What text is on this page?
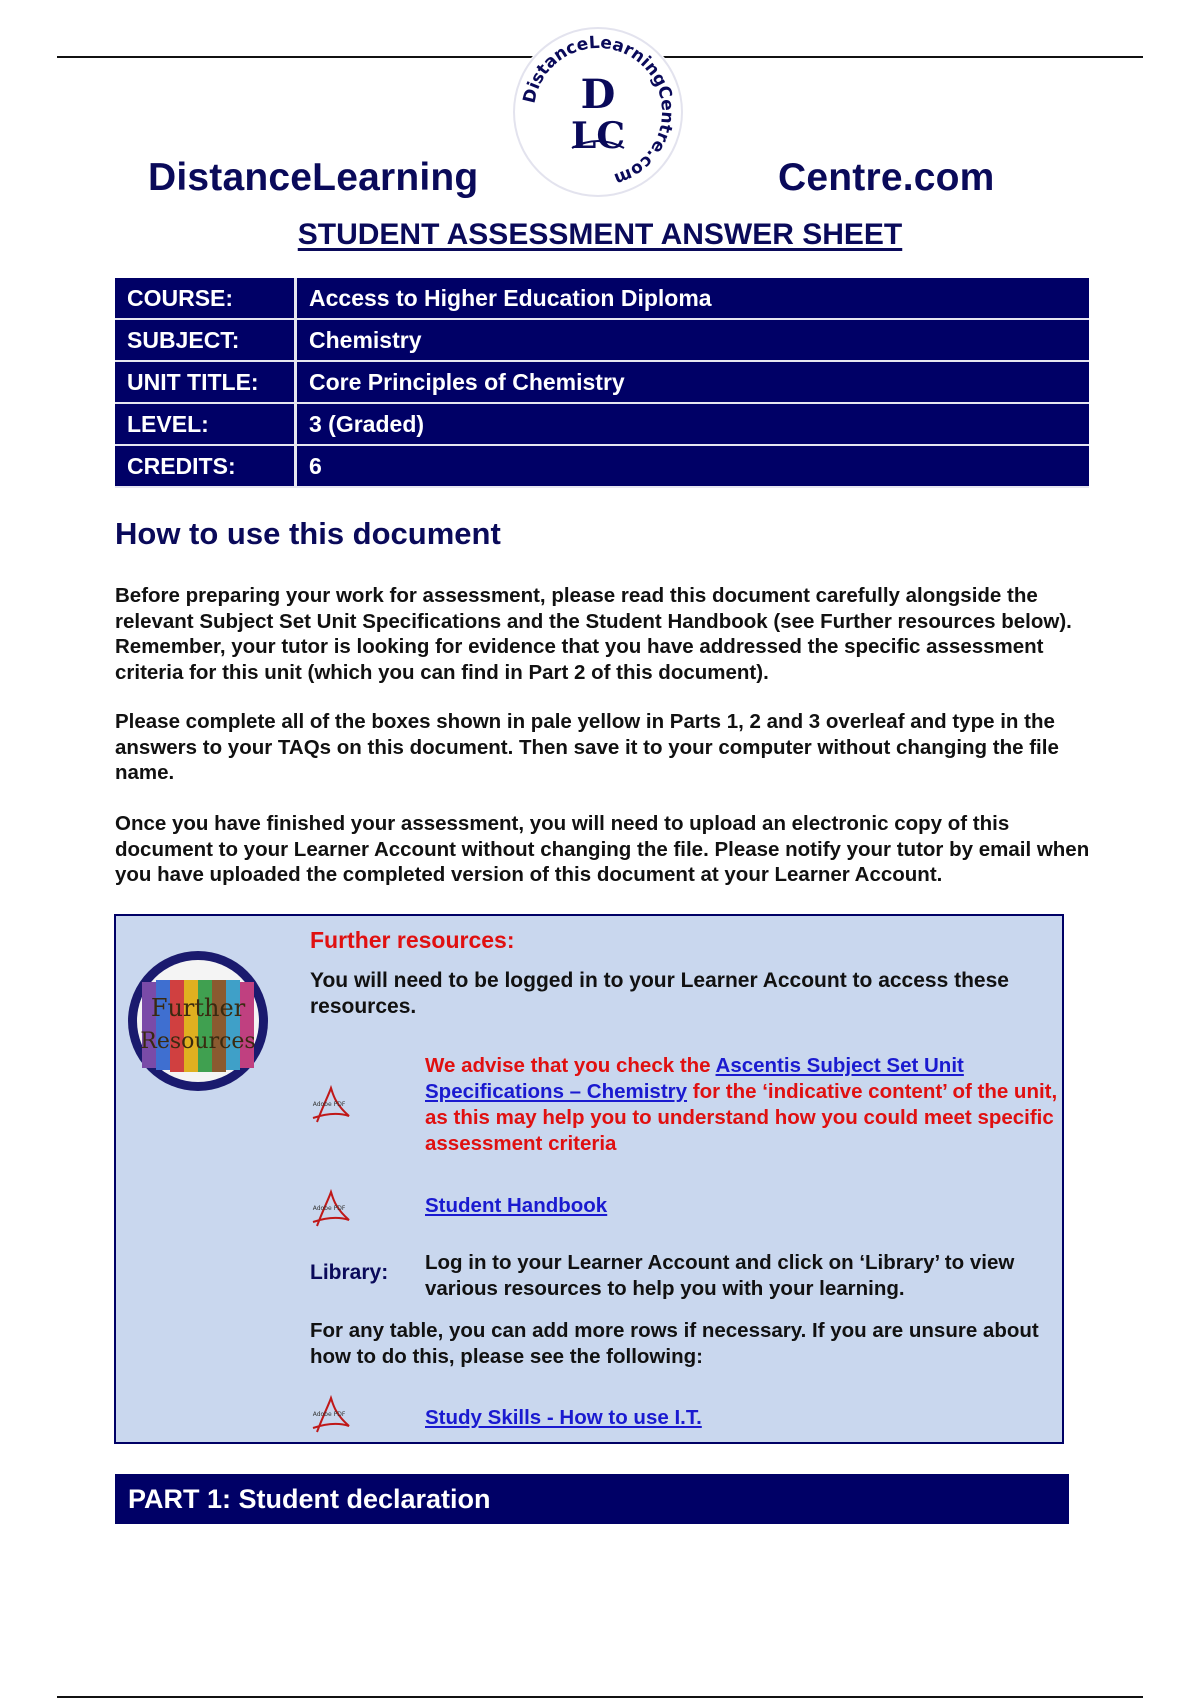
DistanceLearningCentre.com
D
LC
DistanceLearning	Centre.com
STUDENT ASSESSMENT ANSWER SHEET
COURSE:	Access to Higher Education Diploma
SUBJECT:	Chemistry
UNIT TITLE:	Core Principles of Chemistry
LEVEL:	3 (Graded)
CREDITS:	6
How to use this document

Before preparing your work for assessment, please read this document carefully alongside the relevant Subject Set Unit Specifications and the Student Handbook (see Further resources below). Remember, your tutor is looking for evidence that you have addressed the specific assessment criteria for this unit (which you can find in Part 2 of this document).

Please complete all of the boxes shown in pale yellow in Parts 1, 2 and 3 overleaf and type in the answers to your TAQs on this document. Then save it to your computer without changing the file name.

Once you have finished your assessment, you will need to upload an electronic copy of this document to your Learner Account without changing the file. Please notify your tutor by email when you have uploaded the completed version of this document at your Learner Account.

Further
Resources
Further resources:
You will need to be logged in to your Learner Account to access these resources.
Adobe PDF
We advise that you check the Ascentis Subject Set Unit Specifications – Chemistry for the ‘indicative content’ of the unit, as this may help you to understand how you could meet specific assessment criteria
Adobe PDF	Student Handbook
Library: Log in to your Learner Account and click on ‘Library’ to view various resources to help you with your learning.
For any table, you can add more rows if necessary. If you are unsure about how to do this, please see the following:
Adobe PDF	Study Skills - How to use I.T.
PART 1: Student declaration
